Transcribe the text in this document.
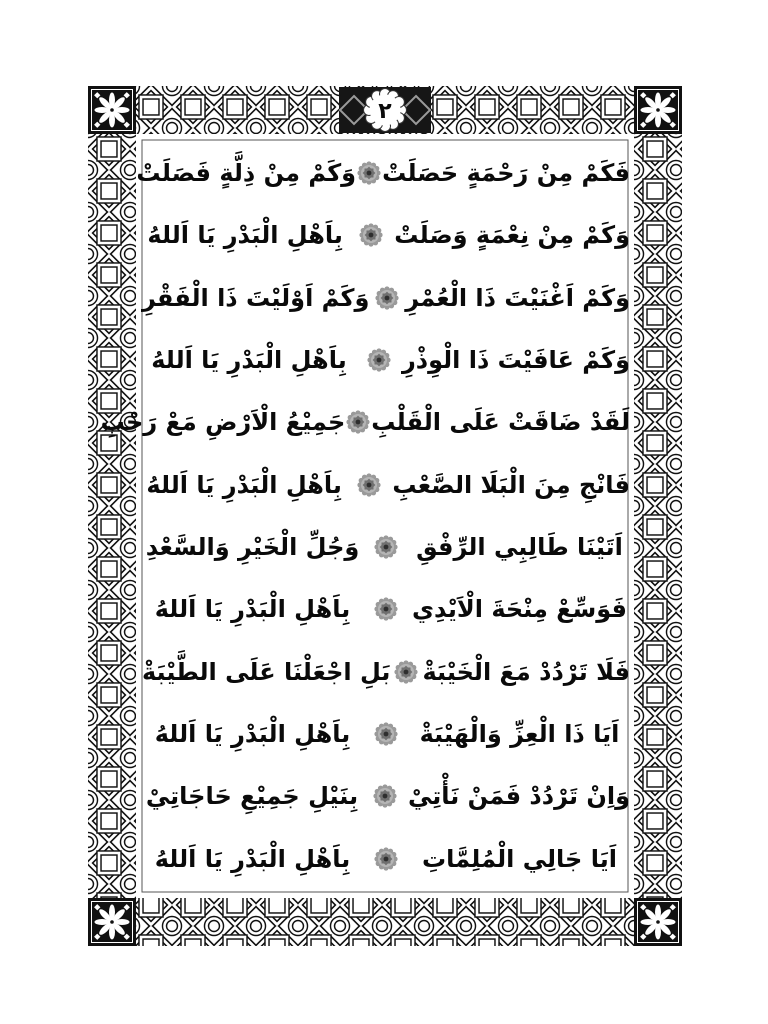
٢
فَكَمْ مِنْ رَحْمَةٍ حَصَلَتْ
وَكَمْ مِنْ ذِلَّةٍ فَصَلَتْ
وَكَمْ مِنْ نِعْمَةٍ وَصَلَتْ
بِاَهْلِ الْبَدْرِ يَا اَللهُ
وَكَمْ اَغْنَيْتَ ذَا الْعُمْرِ
وَكَمْ اَوْلَيْتَ ذَا الْفَقْرِ
وَكَمْ عَافَيْتَ ذَا الْوِذْرِ
بِاَهْلِ الْبَدْرِ يَا اَللهُ
لَقَدْ ضَاقَتْ عَلَى الْقَلْبِ
جَمِيْعُ الْاَرْضِ مَعْ رَحْبِ
فَانْجِ مِنَ الْبَلَا الصَّعْبِ
بِاَهْلِ الْبَدْرِ يَا اَللهُ
اَتَيْنَا طَالِبِي الرِّفْقِ
وَجُلِّ الْخَيْرِ وَالسَّعْدِ
فَوَسِّعْ مِنْحَةَ الْاَيْدِي
بِاَهْلِ الْبَدْرِ يَا اَللهُ
فَلَا تَرْدُدْ مَعَ الْخَيْبَةْ
بَلِ اجْعَلْنَا عَلَى الطَّيْبَةْ
اَيَا ذَا الْعِزِّ وَالْهَيْبَةْ
بِاَهْلِ الْبَدْرِ يَا اَللهُ
وَاِنْ تَرْدُدْ فَمَنْ نَأْتِيْ
بِنَيْلِ جَمِيْعِ حَاجَاتِيْ
اَيَا جَالِي الْمُلِمَّاتِ
بِاَهْلِ الْبَدْرِ يَا اَللهُ
